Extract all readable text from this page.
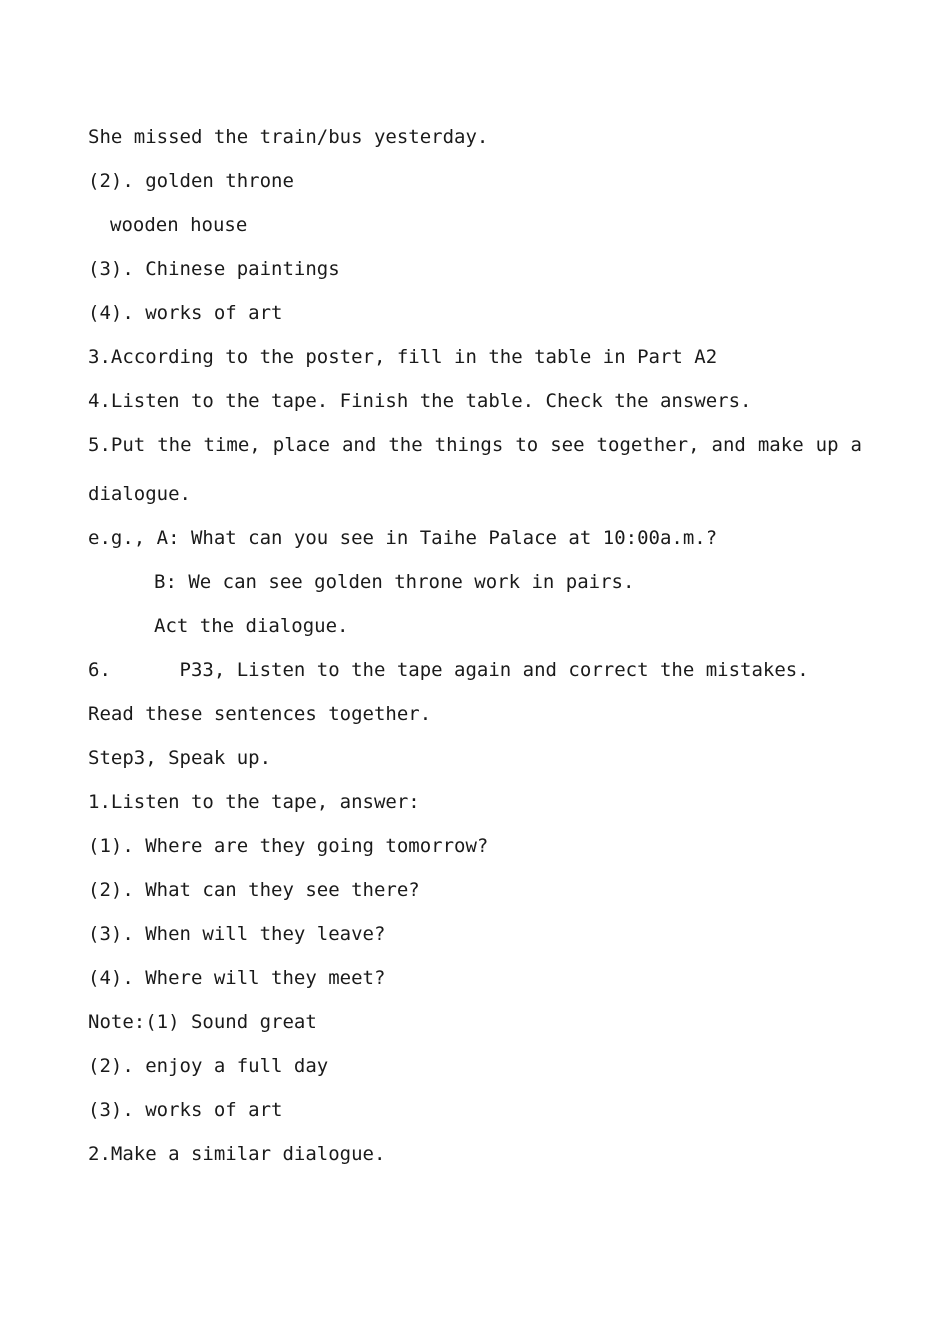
She missed the train/bus yesterday.
(2). golden throne
wooden house
(3). Chinese paintings
(4). works of art
3.According to the poster, fill in the table in Part A2
4.Listen to the tape. Finish the table. Check the answers.
5.Put the time, place and the things to see together, and make up a
dialogue.
e.g., A: What can you see in Taihe Palace at 10:00a.m.?
B: We can see golden throne work in pairs.
Act the dialogue.
6.      P33, Listen to the tape again and correct the mistakes.
Read these sentences together.
Step3, Speak up.
1.Listen to the tape, answer:
(1). Where are they going tomorrow?
(2). What can they see there?
(3). When will they leave?
(4). Where will they meet?
Note:(1) Sound great
(2). enjoy a full day
(3). works of art
2.Make a similar dialogue.
